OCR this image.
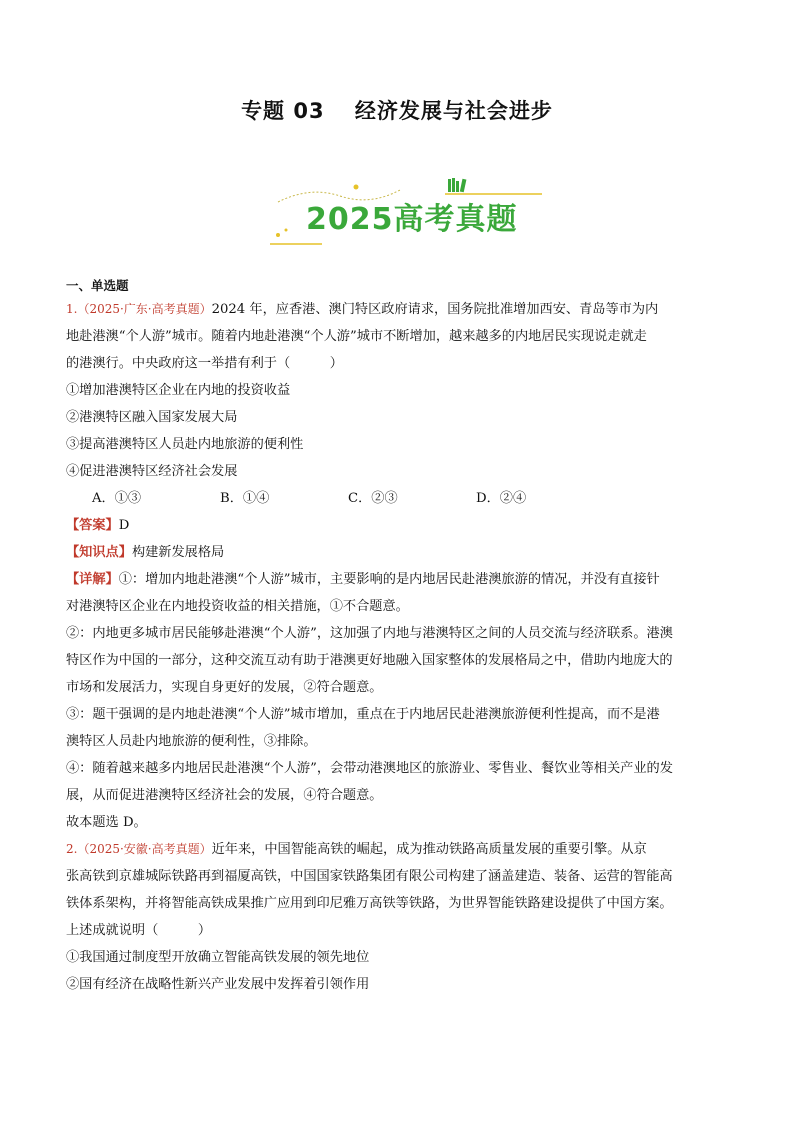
专题 03　 经济发展与社会进步
2025高考真题
一、单选题
1.（2025·广东·高考真题）2024 年，应香港、澳门特区政府请求，国务院批准增加西安、青岛等市为内
地赴港澳“个人游”城市。随着内地赴港澳“个人游”城市不断增加，越来越多的内地居民实现说走就走
的港澳行。中央政府这一举措有利于（　　　）
①增加港澳特区企业在内地的投资收益
②港澳特区融入国家发展大局
③提高港澳特区人员赴内地旅游的便利性
④促进港澳特区经济社会发展
A．①③	B．①④	C．②③	D．②④
【答案】D
【知识点】构建新发展格局
【详解】①：增加内地赴港澳“个人游”城市，主要影响的是内地居民赴港澳旅游的情况，并没有直接针
对港澳特区企业在内地投资收益的相关措施，①不合题意。
②：内地更多城市居民能够赴港澳“个人游”，这加强了内地与港澳特区之间的人员交流与经济联系。港澳
特区作为中国的一部分，这种交流互动有助于港澳更好地融入国家整体的发展格局之中，借助内地庞大的
市场和发展活力，实现自身更好的发展，②符合题意。
③：题干强调的是内地赴港澳“个人游”城市增加，重点在于内地居民赴港澳旅游便利性提高，而不是港
澳特区人员赴内地旅游的便利性，③排除。
④：随着越来越多内地居民赴港澳“个人游”，会带动港澳地区的旅游业、零售业、餐饮业等相关产业的发
展，从而促进港澳特区经济社会的发展，④符合题意。
故本题选 D。
2.（2025·安徽·高考真题）近年来，中国智能高铁的崛起，成为推动铁路高质量发展的重要引擎。从京
张高铁到京雄城际铁路再到福厦高铁，中国国家铁路集团有限公司构建了涵盖建造、装备、运营的智能高
铁体系架构，并将智能高铁成果推广应用到印尼雅万高铁等铁路，为世界智能铁路建设提供了中国方案。
上述成就说明（　　　）
①我国通过制度型开放确立智能高铁发展的领先地位
②国有经济在战略性新兴产业发展中发挥着引领作用
